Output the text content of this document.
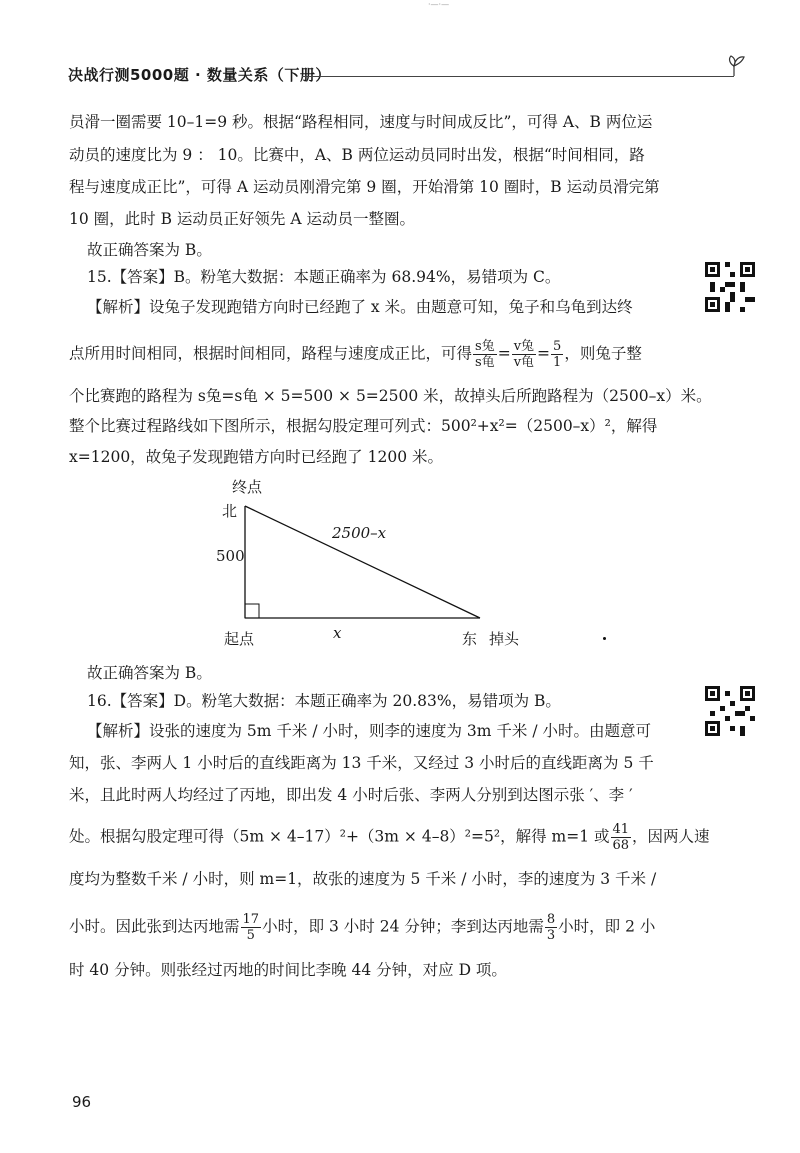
·—·—
决战行测5000题 · 数量关系（下册）
员滑一圈需要 10–1=9 秒。根据“路程相同，速度与时间成反比”，可得 A、B 两位运
动员的速度比为 9 ： 10。比赛中，A、B 两位运动员同时出发，根据“时间相同，路
程与速度成正比”，可得 A 运动员刚滑完第 9 圈，开始滑第 10 圈时，B 运动员滑完第
10 圈，此时 B 运动员正好领先 A 运动员一整圈。
故正确答案为 B。
15.【答案】B。粉笔大数据：本题正确率为 68.94%，易错项为 C。
【解析】设兔子发现跑错方向时已经跑了 x 米。由题意可知，兔子和乌龟到达终
点所用时间相同，根据时间相同，路程与速度成正比，可得 $\frac{\text{s兔}}{\text{s龟}} = \frac{\text{v兔}}{\text{v龟}} = \frac{5}{1}$ ，则兔子整
个比赛跑的路程为 s兔=s龟 × 5=500 × 5=2500 米，故掉头后所跑路程为（2500–x）米。
整个比赛过程路线如下图所示，根据勾股定理可列式：500²+x²=（2500–x）²，解得
x=1200，故兔子发现跑错方向时已经跑了 1200 米。
终点
北
500
2500–x
起点	x	东 掉头
故正确答案为 B。
16.【答案】D。粉笔大数据：本题正确率为 20.83%，易错项为 B。
【解析】设张的速度为 5m 千米 / 小时，则李的速度为 3m 千米 / 小时。由题意可
知，张、李两人 1 小时后的直线距离为 13 千米，又经过 3 小时后的直线距离为 5 千
米，且此时两人均经过了丙地，即出发 4 小时后张、李两人分别到达图示张 ′、李 ′
处。根据勾股定理可得（5m × 4–17）²+（3m × 4–8）²=5²，解得 m=1 或 $\frac{41}{68}$ ，因两人速
度均为整数千米 / 小时，则 m=1，故张的速度为 5 千米 / 小时，李的速度为 3 千米 /
小时。因此张到达丙地需 $\frac{17}{5}$ 小时，即 3 小时 24 分钟；李到达丙地需 $\frac{8}{3}$ 小时，即 2 小
时 40 分钟。则张经过丙地的时间比李晚 44 分钟，对应 D 项。
96
